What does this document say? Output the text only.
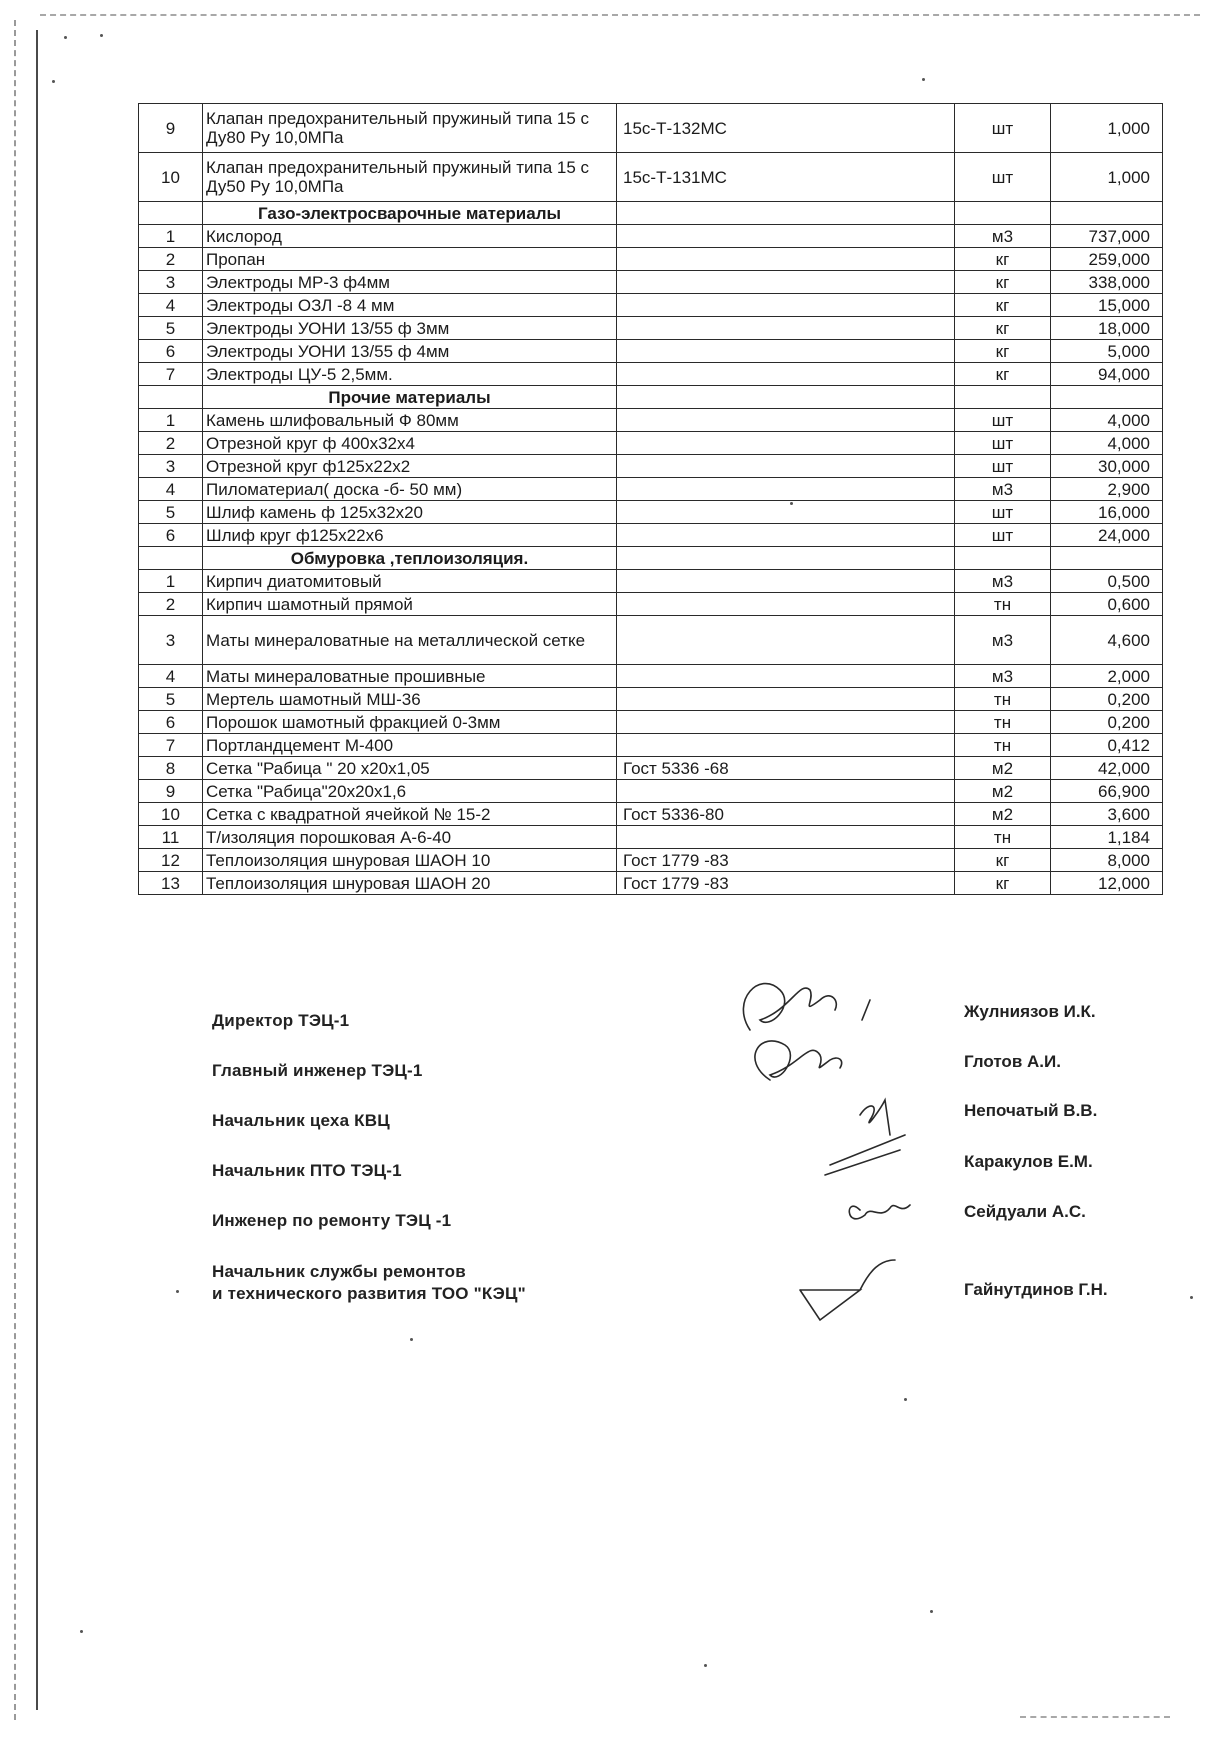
9	Клапан предохранительный пружиный типа 15 с Ду80 Ру 10,0МПа	15с-Т-132МС	шт	1,000
10	Клапан предохранительный пружиный типа 15 с Ду50 Ру 10,0МПа	15с-Т-131МС	шт	1,000
	Газо-электросварочные материалы			
1	Кислород		м3	737,000
2	Пропан		кг	259,000
3	Электроды МР-3 ф4мм		кг	338,000
4	Электроды ОЗЛ -8 4 мм		кг	15,000
5	Электроды УОНИ 13/55 ф 3мм		кг	18,000
6	Электроды УОНИ 13/55 ф 4мм		кг	5,000
7	Электроды ЦУ-5 2,5мм.		кг	94,000
	Прочие материалы			
1	Камень шлифовальный Ф 80мм		шт	4,000
2	Отрезной круг ф 400х32х4		шт	4,000
3	Отрезной круг ф125х22х2		шт	30,000
4	Пиломатериал( доска -б- 50 мм)		м3	2,900
5	Шлиф камень ф 125х32х20		шт	16,000
6	Шлиф круг ф125х22х6		шт	24,000
	Обмуровка ,теплоизоляция.			
1	Кирпич диатомитовый		м3	0,500
2	Кирпич шамотный прямой		тн	0,600
3	Маты минераловатные на металлической сетке		м3	4,600
4	Маты минераловатные прошивные		м3	2,000
5	Мертель шамотный МШ-36		тн	0,200
6	Порошок шамотный фракцией 0-3мм		тн	0,200
7	Портландцемент М-400		тн	0,412
8	Сетка "Рабица " 20 х20х1,05	Гост 5336 -68	м2	42,000
9	Сетка "Рабица"20х20х1,6		м2	66,900
10	Сетка с квадратной ячейкой № 15-2	Гост 5336-80	м2	3,600
11	Т/изоляция порошковая А-6-40		тн	1,184
12	Теплоизоляция шнуровая ШАОН 10	Гост 1779 -83	кг	8,000
13	Теплоизоляция шнуровая ШАОН 20	Гост 1779 -83	кг	12,000
Директор ТЭЦ-1
Главный инженер ТЭЦ-1
Начальник цеха КВЦ
Начальник ПТО ТЭЦ-1
Инженер по ремонту ТЭЦ -1
Начальник службы ремонтов
и технического развития ТОО "КЭЦ"
Жулниязов И.К.
Глотов А.И.
Непочатый В.В.
Каракулов Е.М.
Сейдуали А.С.
Гайнутдинов Г.Н.
